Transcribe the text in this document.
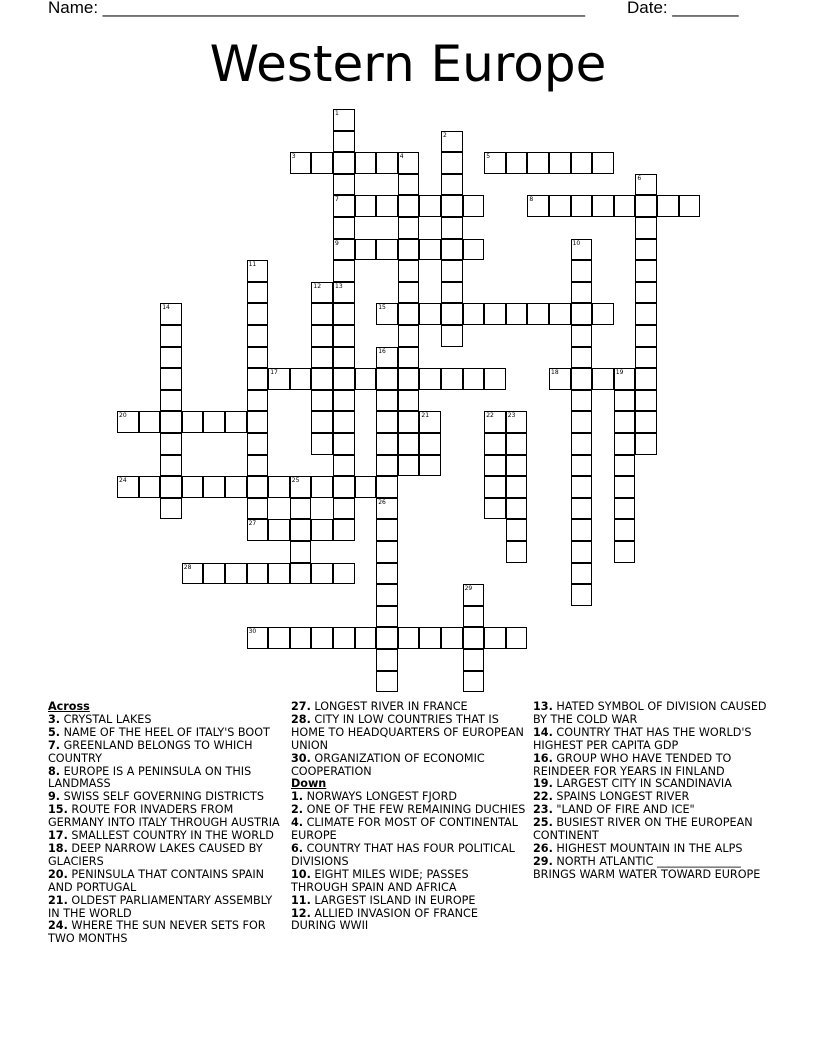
Name: ___________________________________________________ Date: _______
Western Europe
1
7
9
2
3	4	5
6
8
10
11
12 13
14	15
16
17	18	19
20	21	22 23
24	25
26
27
28
29
30
Across
3. CRYSTAL LAKES
5. NAME OF THE HEEL OF ITALY'S BOOT
7. GREENLAND BELONGS TO WHICH COUNTRY
8. EUROPE IS A PENINSULA ON THIS LANDMASS
9. SWISS SELF GOVERNING DISTRICTS
15. ROUTE FOR INVADERS FROM GERMANY INTO ITALY THROUGH AUSTRIA
17. SMALLEST COUNTRY IN THE WORLD
18. DEEP NARROW LAKES CAUSED BY GLACIERS
20. PENINSULA THAT CONTAINS SPAIN AND PORTUGAL
21. OLDEST PARLIAMENTARY ASSEMBLY IN THE WORLD
24. WHERE THE SUN NEVER SETS FOR TWO MONTHS
27. LONGEST RIVER IN FRANCE
28. CITY IN LOW COUNTRIES THAT IS HOME TO HEADQUARTERS OF EUROPEAN UNION
30. ORGANIZATION OF ECONOMIC COOPERATION
Down
1. NORWAYS LONGEST FJORD
2. ONE OF THE FEW REMAINING DUCHIES
4. CLIMATE FOR MOST OF CONTINENTAL EUROPE
6. COUNTRY THAT HAS FOUR POLITICAL DIVISIONS
10. EIGHT MILES WIDE; PASSES THROUGH SPAIN AND AFRICA
11. LARGEST ISLAND IN EUROPE
12. ALLIED INVASION OF FRANCE DURING WWII
13. HATED SYMBOL OF DIVISION CAUSED BY THE COLD WAR
14. COUNTRY THAT HAS THE WORLD'S HIGHEST PER CAPITA GDP
16. GROUP WHO HAVE TENDED TO REINDEER FOR YEARS IN FINLAND
19. LARGEST CITY IN SCANDINAVIA
22. SPAINS LONGEST RIVER
23. "LAND OF FIRE AND ICE"
25. BUSIEST RIVER ON THE EUROPEAN CONTINENT
26. HIGHEST MOUNTAIN IN THE ALPS
29. NORTH ATLANTIC _______________ BRINGS WARM WATER TOWARD EUROPE
